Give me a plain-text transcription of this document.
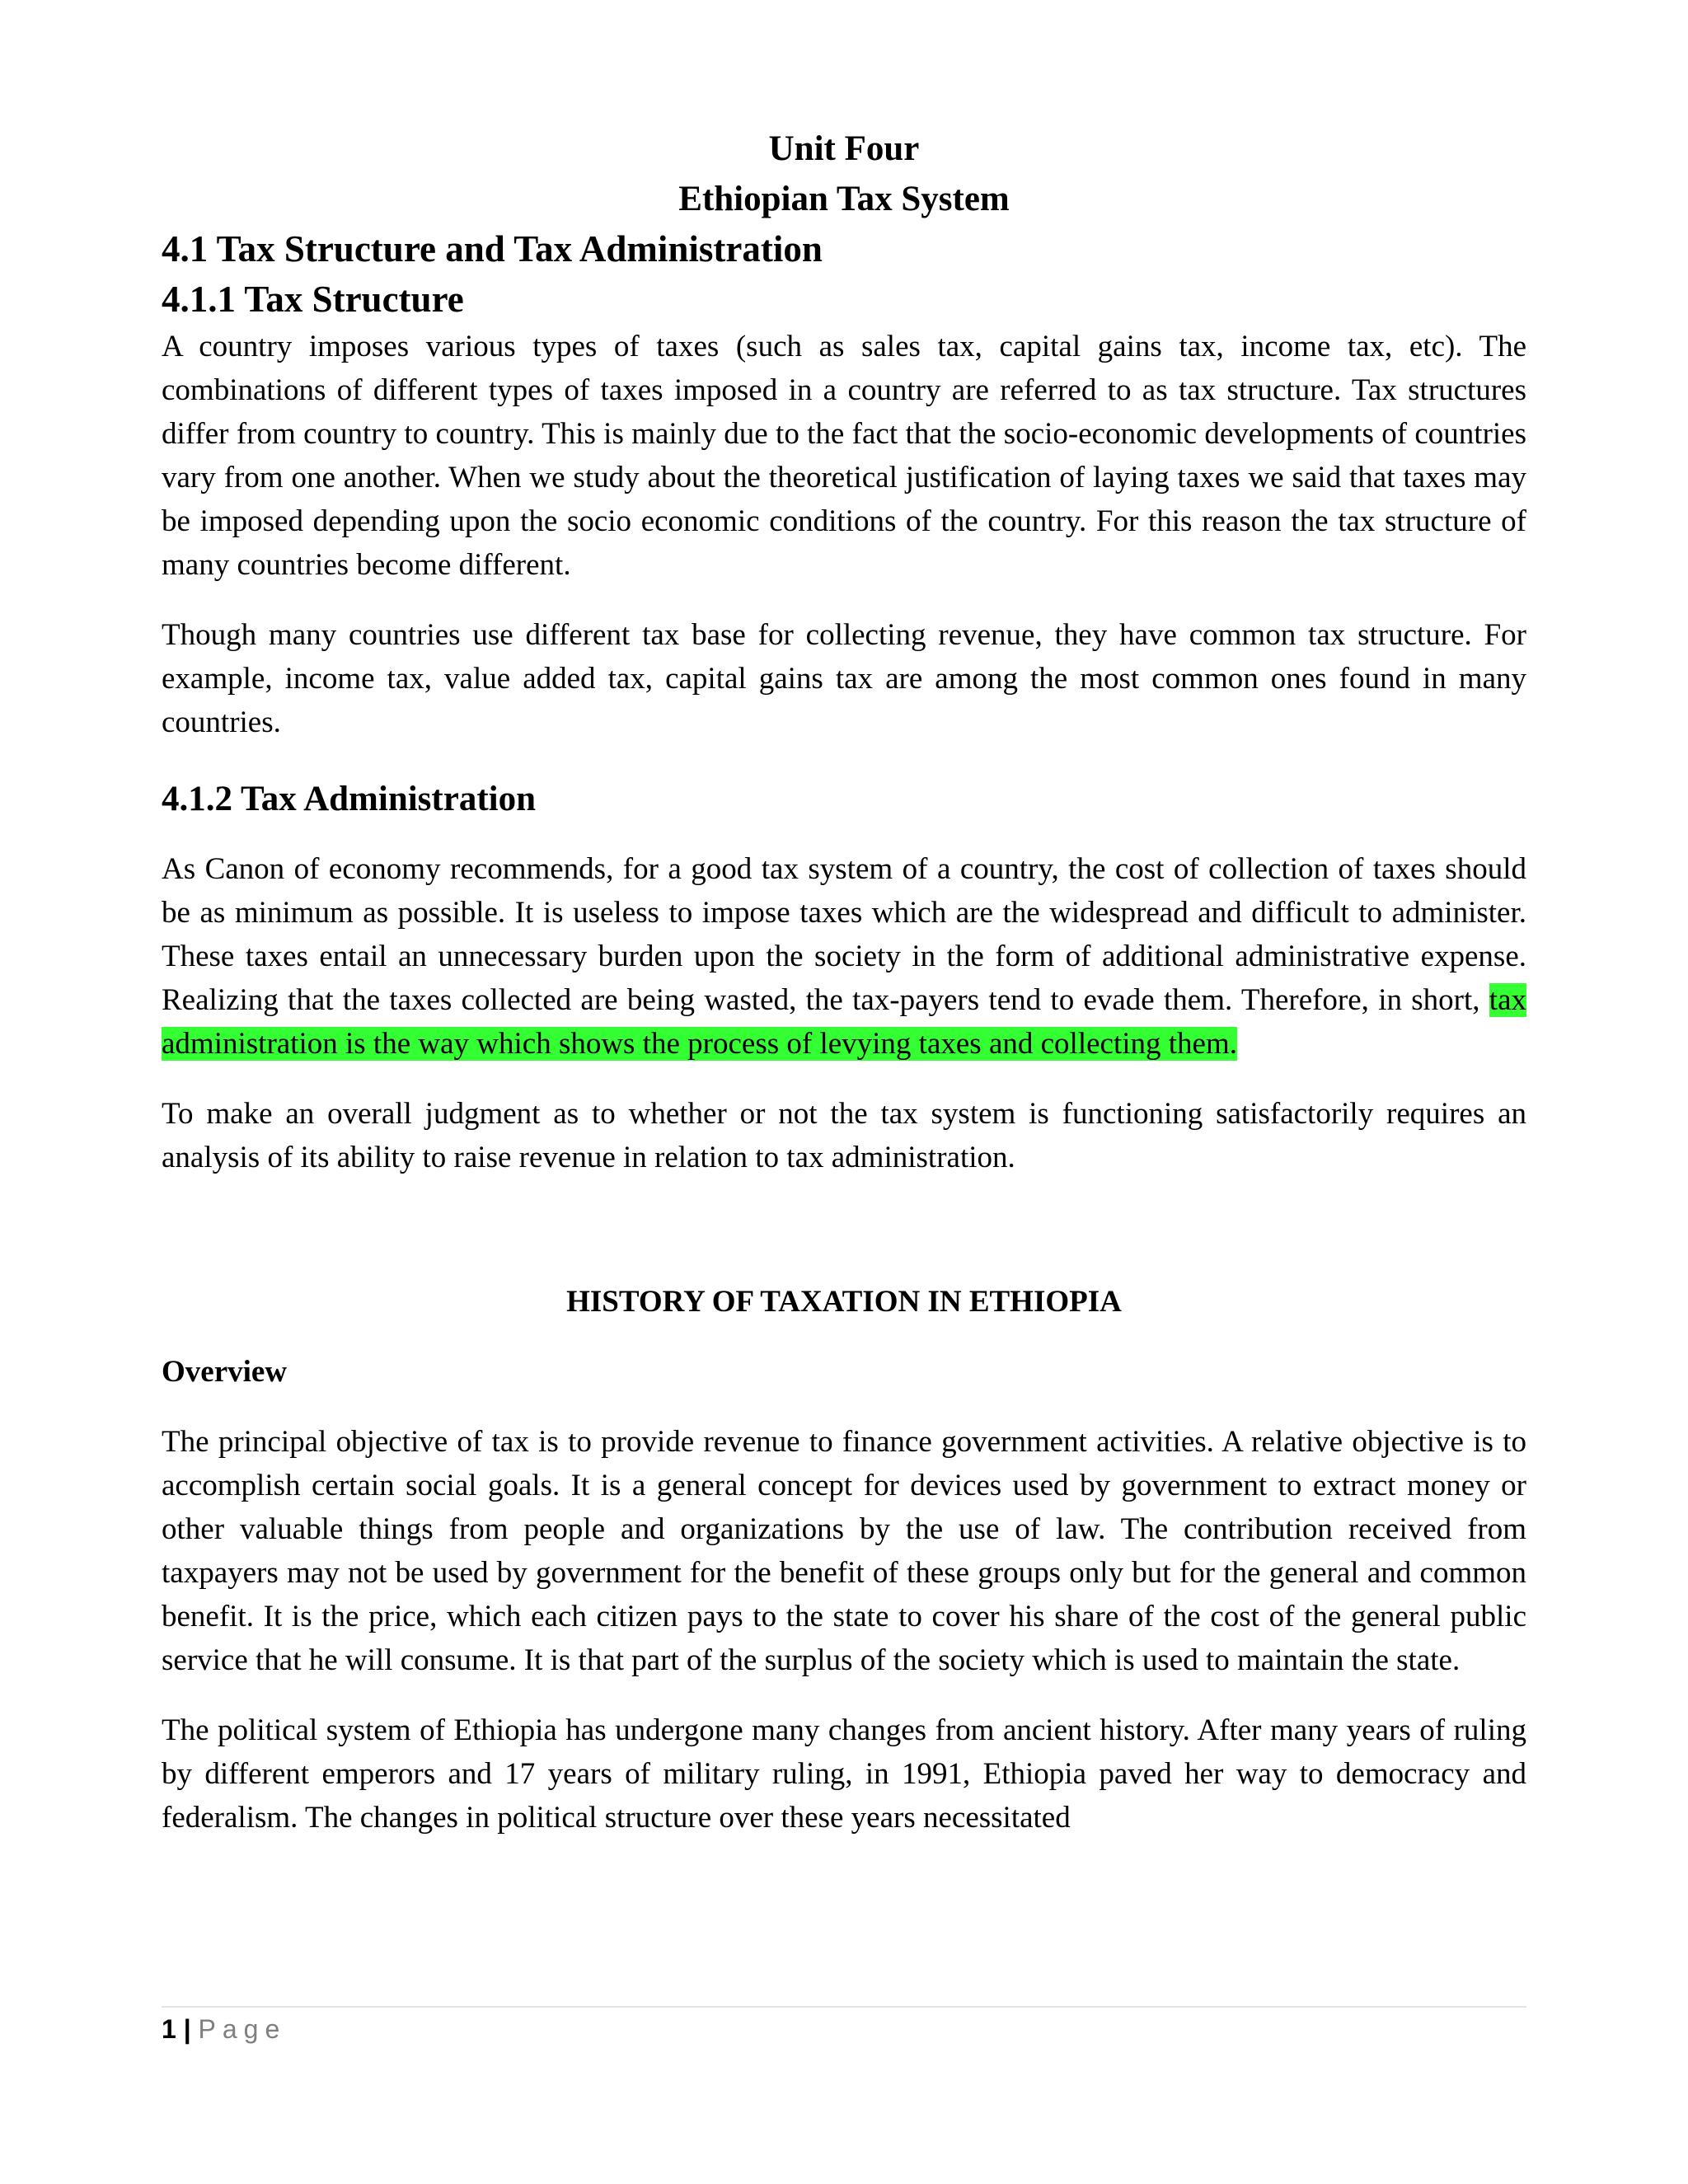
Unit Four
Ethiopian Tax System
4.1 Tax Structure and Tax Administration
4.1.1 Tax Structure

A country imposes various types of taxes (such as sales tax, capital gains tax, income tax, etc). The combinations of different types of taxes imposed in a country are referred to as tax structure. Tax structures differ from country to country. This is mainly due to the fact that the socio-economic developments of countries vary from one another. When we study about the theoretical justification of laying taxes we said that taxes may be imposed depending upon the socio economic conditions of the country. For this reason the tax structure of many countries become different.

Though many countries use different tax base for collecting revenue, they have common tax structure. For example, income tax, value added tax, capital gains tax are among the most common ones found in many countries.

4.1.2 Tax Administration

As Canon of economy recommends, for a good tax system of a country, the cost of collection of taxes should be as minimum as possible. It is useless to impose taxes which are the widespread and difficult to administer. These taxes entail an unnecessary burden upon the society in the form of additional administrative expense. Realizing that the taxes collected are being wasted, the tax-payers tend to evade them. Therefore, in short, tax administration is the way which shows the process of levying taxes and collecting them.

To make an overall judgment as to whether or not the tax system is functioning satisfactorily requires an analysis of its ability to raise revenue in relation to tax administration.

HISTORY OF TAXATION IN ETHIOPIA
Overview

The principal objective of tax is to provide revenue to finance government activities. A relative objective is to accomplish certain social goals. It is a general concept for devices used by government to extract money or other valuable things from people and organizations by the use of law. The contribution received from taxpayers may not be used by government for the benefit of these groups only but for the general and common benefit. It is the price, which each citizen pays to the state to cover his share of the cost of the general public service that he will consume. It is that part of the surplus of the society which is used to maintain the state.

The political system of Ethiopia has undergone many changes from ancient history. After many years of ruling by different emperors and 17 years of military ruling, in 1991, Ethiopia paved her way to democracy and federalism. The changes in political structure over these years necessitated

1 | Page
